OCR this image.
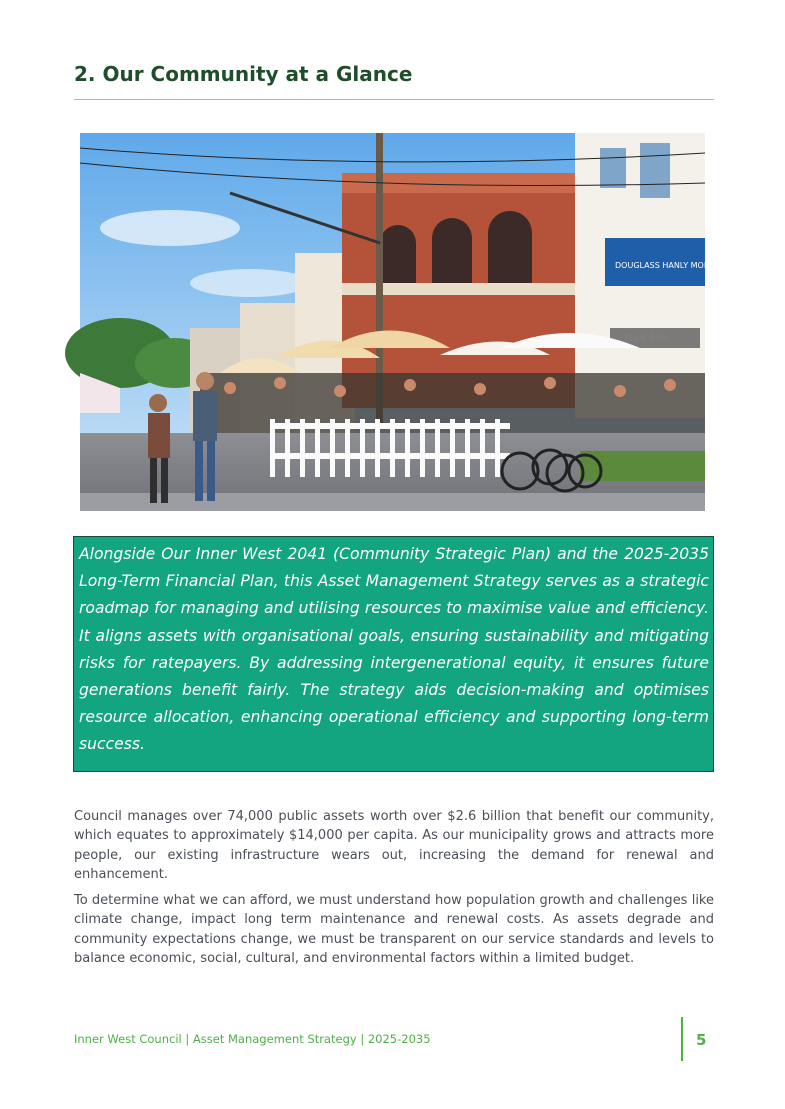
2. Our Community at a Glance
DOUGLASS HANLY MOIR PATH

Alongside Our Inner West 2041 (Community Strategic Plan) and the 2025-2035 Long-Term Financial Plan, this Asset Management Strategy serves as a strategic roadmap for managing and utilising resources to maximise value and efficiency. It aligns assets with organisational goals, ensuring sustainability and mitigating risks for ratepayers. By addressing intergenerational equity, it ensures future generations benefit fairly. The strategy aids decision-making and optimises resource allocation, enhancing operational efficiency and supporting long-term success.

Council manages over 74,000 public assets worth over $2.6 billion that benefit our community, which equates to approximately $14,000 per capita. As our municipality grows and attracts more people, our existing infrastructure wears out, increasing the demand for renewal and enhancement.

To determine what we can afford, we must understand how population growth and challenges like climate change, impact long term maintenance and renewal costs. As assets degrade and community expectations change, we must be transparent on our service standards and levels to balance economic, social, cultural, and environmental factors within a limited budget.

Inner West Council | Asset Management Strategy | 2025-2035	5
